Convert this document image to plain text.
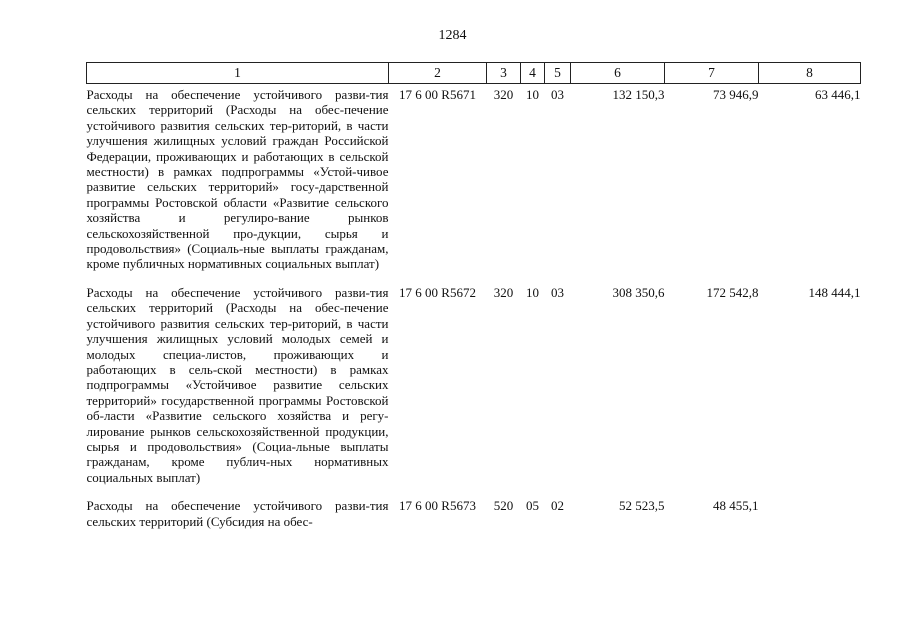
1284
1	2	3	4	5	6	7	8

Расходы на обеспечение устойчивого разви-тия сельских территорий (Расходы на обес-печение устойчивого развития сельских тер-риторий, в части улучшения жилищных условий граждан Российской Федерации, проживающих и работающих в сельской местности) в рамках подпрограммы «Устой-чивое развитие сельских территорий» госу-дарственной программы Ростовской области «Развитие сельского хозяйства и регулиро-вание рынков сельскохозяйственной про-дукции, сырья и продовольствия» (Социаль-ные выплаты гражданам, кроме публичных нормативных социальных выплат)	17 6 00 R5671	320	10	03	132 150,3	73 946,9	63 446,1

Расходы на обеспечение устойчивого разви-тия сельских территорий (Расходы на обес-печение устойчивого развития сельских тер-риторий, в части улучшения жилищных условий молодых семей и молодых специа-листов, проживающих и работающих в сель-ской местности) в рамках подпрограммы «Устойчивое развитие сельских территорий» государственной программы Ростовской об-ласти «Развитие сельского хозяйства и регу-лирование рынков сельскохозяйственной продукции, сырья и продовольствия» (Социа-льные выплаты гражданам, кроме публич-ных нормативных социальных выплат)	17 6 00 R5672	320	10	03	308 350,6	172 542,8	148 444,1

Расходы на обеспечение устойчивого разви-тия сельских территорий (Субсидия на обес-	17 6 00 R5673	520	05	02	52 523,5	48 455,1	
